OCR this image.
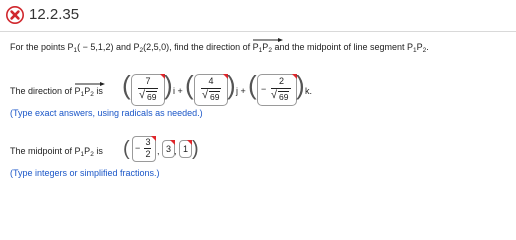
12.2.35
For the points $P_1( - 5,1,2)$ and $P_2(2,5,0)$, find the direction of
$P_1P_2$ and the midpoint of line segment $P_1P_2$.
The direction of
$P_1P_2$ is (	7
√ 69 ) i + (	4
√ 69 ) j + ( −
2
√ 69 ) k.
(Type exact answers, using radicals as needed.)
The midpoint of $P_1P_2$ is ( −
3
2 , 3 , 1 )
(Type integers or simplified fractions.)
